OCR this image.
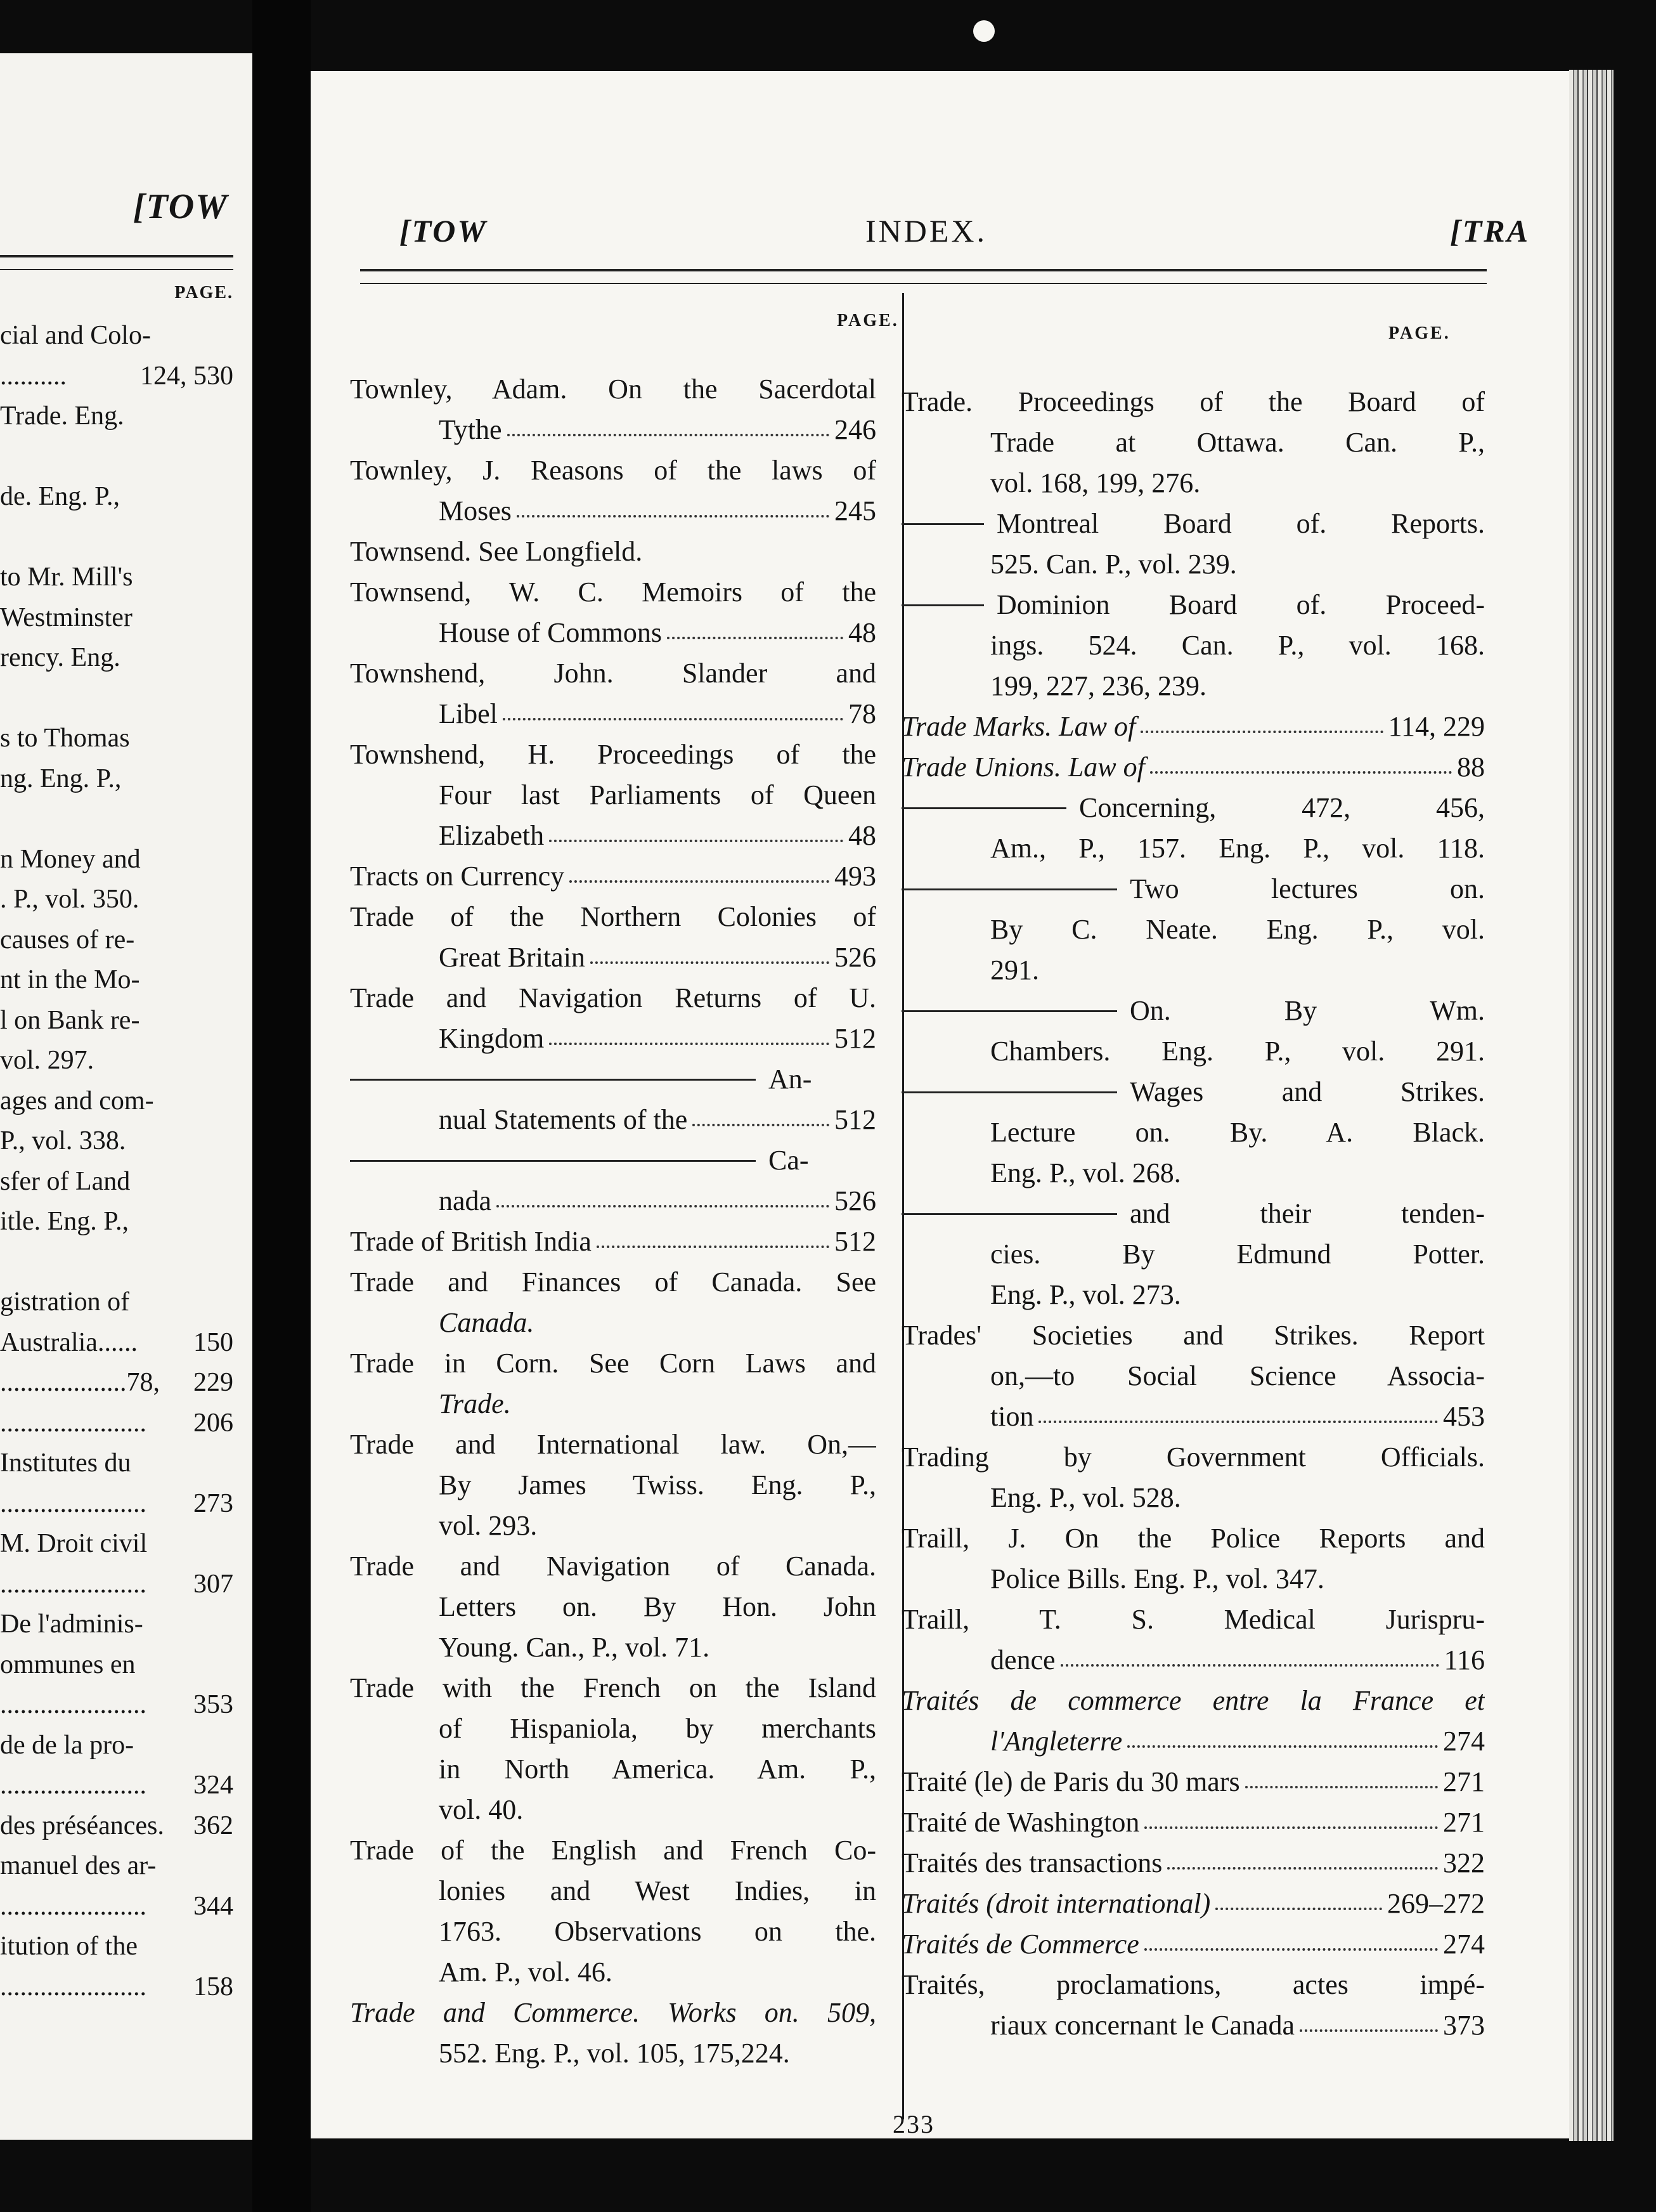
[TOW
PAGE.
cial and Colo-
..........	124, 530
Trade. Eng.
de. Eng. P.,
to Mr. Mill's
Westminster
rency. Eng.
s to Thomas
ng. Eng. P.,
n Money and
. P., vol. 350.
causes of re-
nt in the Mo-
l on Bank re-
vol. 297.
ages and com-
P., vol. 338.
sfer of Land
itle. Eng. P.,
gistration of
Australia......	150
...................78,	229
......................	206
Institutes du
......................	273
M. Droit civil
......................	307
De l'adminis-
ommunes en
......................	353
de de la pro-
......................	324
des préséances.	362
manuel des ar-
......................	344
itution of the
......................	158
[TOW	INDEX.	[TRA
PAGE.
PAGE.
Townley, Adam. On the Sacerdotal
Tythe	246
Townley, J. Reasons of the laws of
Moses	245
Townsend. See Longfield.
Townsend, W. C. Memoirs of the
House of Commons	48
Townshend, John. Slander and
Libel	78
Townshend, H. Proceedings of the
Four last Parliaments of Queen
Elizabeth	48
Tracts on Currency	493
Trade of the Northern Colonies of
Great Britain	526
Trade and Navigation Returns of U.
Kingdom	512
An-
nual Statements of the	512
Ca-
nada	526
Trade of British India	512
Trade and Finances of Canada. See
Canada.
Trade in Corn. See Corn Laws and
Trade.
Trade and International law. On,—
By James Twiss. Eng. P.,
vol. 293.
Trade and Navigation of Canada.
Letters on. By Hon. John
Young. Can., P., vol. 71.
Trade with the French on the Island
of Hispaniola, by merchants
in North America. Am. P.,
vol. 40.
Trade of the English and French Co-
lonies and West Indies, in
1763. Observations on the.
Am. P., vol. 46.
Trade and Commerce. Works on. 509,
552. Eng. P., vol. 105, 175,224.
Trade. Proceedings of the Board of
Trade at Ottawa. Can. P.,
vol. 168, 199, 276.
Montreal Board of. Reports.
525. Can. P., vol. 239.
Dominion Board of. Proceed-
ings. 524. Can. P., vol. 168.
199, 227, 236, 239.
Trade Marks. Law of	114, 229
Trade Unions. Law of	88
Concerning, 472, 456,
Am., P., 157. Eng. P., vol. 118.
Two lectures on.
By C. Neate. Eng. P., vol.
291.
On. By Wm.
Chambers. Eng. P., vol. 291.
Wages and Strikes.
Lecture on. By. A. Black.
Eng. P., vol. 268.
and their tenden-
cies. By Edmund Potter.
Eng. P., vol. 273.
Trades' Societies and Strikes. Report
on,—to Social Science Associa-
tion	453
Trading by Government Officials.
Eng. P., vol. 528.
Traill, J. On the Police Reports and
Police Bills. Eng. P., vol. 347.
Traill, T. S. Medical Jurispru-
dence	116
Traités de commerce entre la France et
l'Angleterre	274
Traité (le) de Paris du 30 mars	271
Traité de Washington	271
Traités des transactions	322
Traités (droit international)	269–272
Traités de Commerce	274
Traités, proclamations, actes impé-
riaux concernant le Canada	373
233
